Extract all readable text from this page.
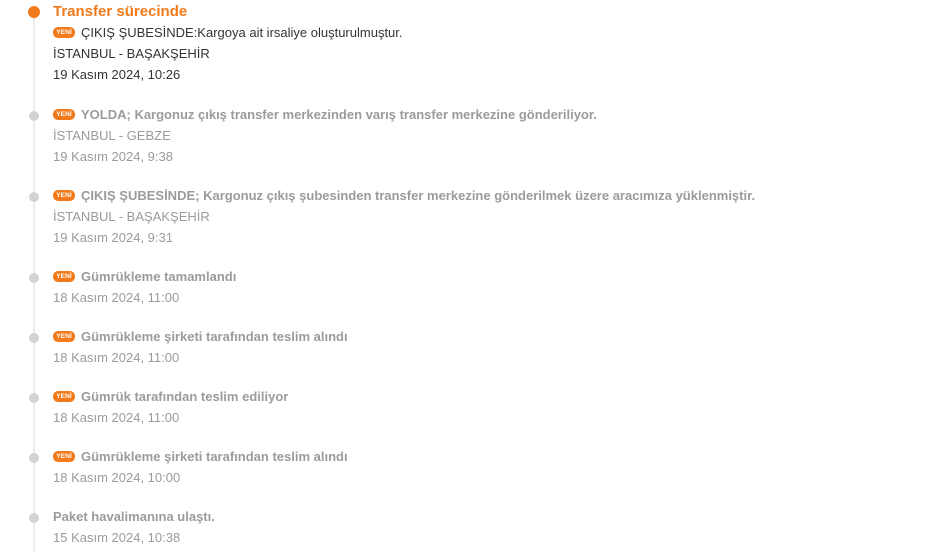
Transfer sürecinde
YENİ ÇIKIŞ ŞUBESİNDE:Kargoya ait irsaliye oluşturulmuştur.
İSTANBUL - BAŞAKŞEHİR
19 Kasım 2024, 10:26
YENİ YOLDA; Kargonuz çıkış transfer merkezinden varış transfer merkezine gönderiliyor.
İSTANBUL - GEBZE
19 Kasım 2024, 9:38
YENİ ÇIKIŞ ŞUBESİNDE; Kargonuz çıkış şubesinden transfer merkezine gönderilmek üzere aracımıza yüklenmiştir.
İSTANBUL - BAŞAKŞEHİR
19 Kasım 2024, 9:31
YENİ Gümrükleme tamamlandı
18 Kasım 2024, 11:00
YENİ Gümrükleme şirketi tarafından teslim alındı
18 Kasım 2024, 11:00
YENİ Gümrük tarafından teslim ediliyor
18 Kasım 2024, 11:00
YENİ Gümrükleme şirketi tarafından teslim alındı
18 Kasım 2024, 10:00
Paket havalimanına ulaştı.
15 Kasım 2024, 10:38
